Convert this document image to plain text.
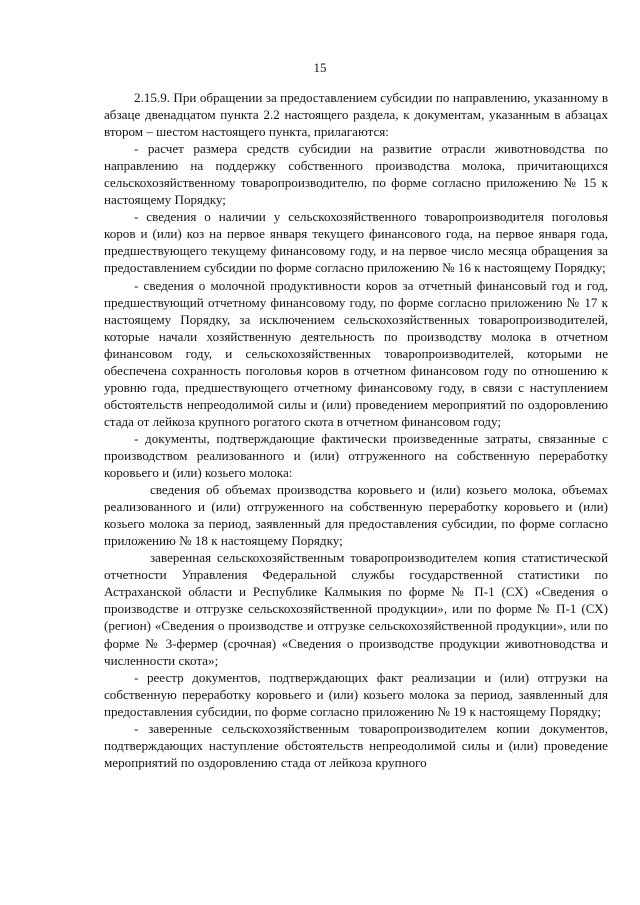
15

2.15.9. При обращении за предоставлением субсидии по направлению, указанному в абзаце двенадцатом пункта 2.2 настоящего раздела, к документам, указанным в абзацах втором – шестом настоящего пункта, прилагаются:

- расчет размера средств субсидии на развитие отрасли животноводства по направлению на поддержку собственного производства молока, причитающихся сельскохозяйственному товаропроизводителю, по форме согласно приложению № 15 к настоящему Порядку;

- сведения о наличии у сельскохозяйственного товаропроизводителя поголовья коров и (или) коз на первое января текущего финансового года, на первое января года, предшествующего текущему финансовому году, и на первое число месяца обращения за предоставлением субсидии по форме согласно приложению № 16 к настоящему Порядку;

- сведения о молочной продуктивности коров за отчетный финансовый год и год, предшествующий отчетному финансовому году, по форме согласно приложению № 17 к настоящему Порядку, за исключением сельскохозяйственных товаропроизводителей, которые начали хозяйственную деятельность по производству молока в отчетном финансовом году, и сельскохозяйственных товаропроизводителей, которыми не обеспечена сохранность поголовья коров в отчетном финансовом году по отношению к уровню года, предшествующего отчетному финансовому году, в связи с наступлением обстоятельств непреодолимой силы и (или) проведением мероприятий по оздоровлению стада от лейкоза крупного рогатого скота в отчетном финансовом году;

- документы, подтверждающие фактически произведенные затраты, связанные с производством реализованного и (или) отгруженного на собственную переработку коровьего и (или) козьего молока:

сведения об объемах производства коровьего и (или) козьего молока, объемах реализованного и (или) отгруженного на собственную переработку коровьего и (или) козьего молока за период, заявленный для предоставления субсидии, по форме согласно приложению № 18 к настоящему Порядку;

заверенная сельскохозяйственным товаропроизводителем копия статистической отчетности Управления Федеральной службы государственной статистики по Астраханской области и Республике Калмыкия по форме № П-1 (СХ) «Сведения о производстве и отгрузке сельскохозяйственной продукции», или по форме № П-1 (СХ) (регион) «Сведения о производстве и отгрузке сельскохозяйственной продукции», или по форме № 3-фермер (срочная) «Сведения о производстве продукции животноводства и численности скота»;

- реестр документов, подтверждающих факт реализации и (или) отгрузки на собственную переработку коровьего и (или) козьего молока за период, заявленный для предоставления субсидии, по форме согласно приложению № 19 к настоящему Порядку;

- заверенные сельскохозяйственным товаропроизводителем копии документов, подтверждающих наступление обстоятельств непреодолимой силы и (или) проведение мероприятий по оздоровлению стада от лейкоза крупного
